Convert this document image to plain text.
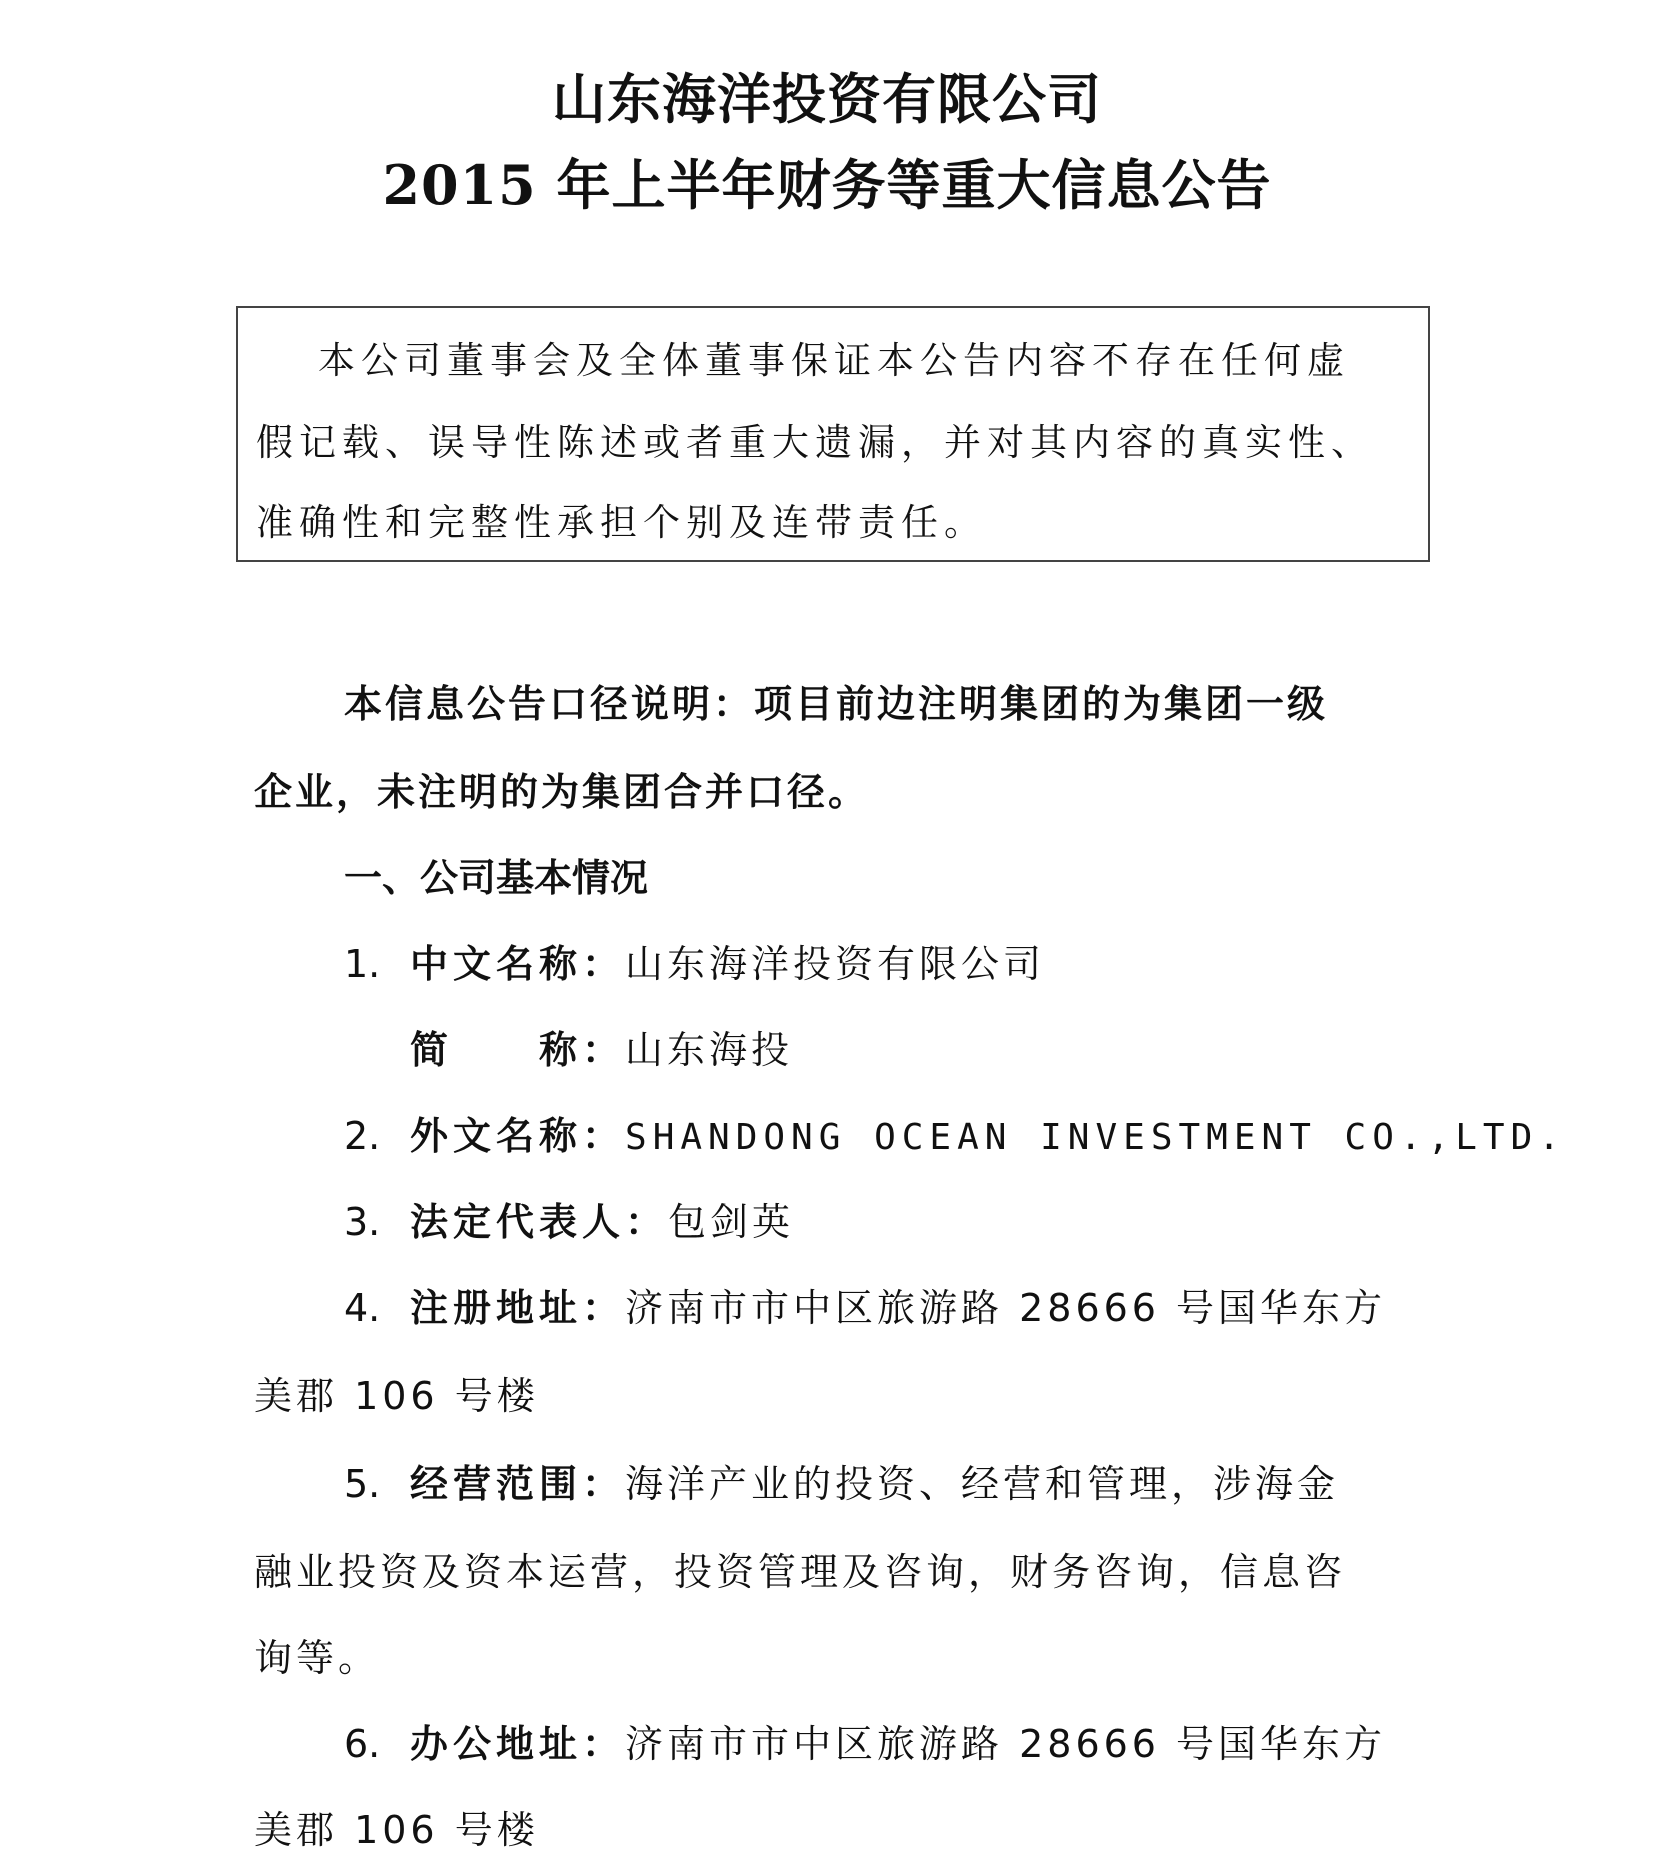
山东海洋投资有限公司
2015 年上半年财务等重大信息公告
本公司董事会及全体董事保证本公告内容不存在任何虚
假记载、误导性陈述或者重大遗漏，并对其内容的真实性、
准确性和完整性承担个别及连带责任。
本信息公告口径说明：项目前边注明集团的为集团一级
企业，未注明的为集团合并口径。
一、公司基本情况
1. 中文名称：山东海洋投资有限公司
简　　称：山东海投
2. 外文名称：SHANDONG OCEAN INVESTMENT CO.,LTD.
3. 法定代表人：包剑英
4. 注册地址：济南市市中区旅游路 28666 号国华东方
美郡 106 号楼
5. 经营范围：海洋产业的投资、经营和管理，涉海金
融业投资及资本运营，投资管理及咨询，财务咨询，信息咨
询等。
6. 办公地址：济南市市中区旅游路 28666 号国华东方
美郡 106 号楼
